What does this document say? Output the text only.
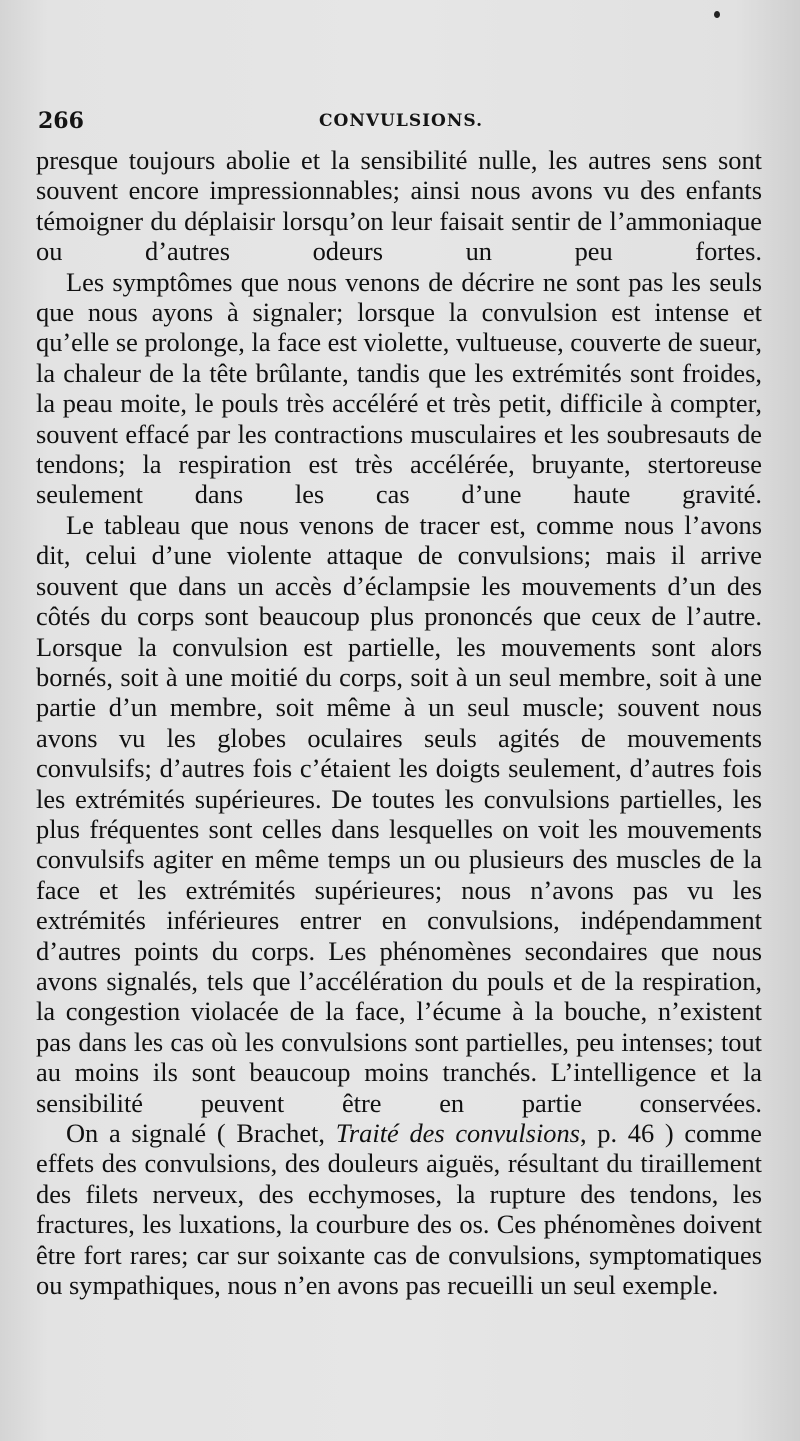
266	CONVULSIONS.

presque toujours abolie et la sensibilité nulle, les autres sens sont souvent encore impressionnables; ainsi nous avons vu des enfants témoigner du déplaisir lorsqu’on leur faisait sentir de l’ammoniaque ou d’autres odeurs un peu fortes.

Les symptômes que nous venons de décrire ne sont pas les seuls que nous ayons à signaler; lorsque la convulsion est intense et qu’elle se prolonge, la face est violette, vultueuse, couverte de sueur, la chaleur de la tête brûlante, tandis que les extrémités sont froides, la peau moite, le pouls très accéléré et très petit, difficile à compter, souvent effacé par les contractions musculaires et les soubresauts de tendons; la respiration est très accélérée, bruyante, stertoreuse seulement dans les cas d’une haute gravité.

Le tableau que nous venons de tracer est, comme nous l’avons dit, celui d’une violente attaque de convulsions; mais il arrive souvent que dans un accès d’éclampsie les mouvements d’un des côtés du corps sont beaucoup plus prononcés que ceux de l’autre. Lorsque la convulsion est partielle, les mouvements sont alors bornés, soit à une moitié du corps, soit à un seul membre, soit à une partie d’un membre, soit même à un seul muscle; souvent nous avons vu les globes oculaires seuls agités de mouvements convulsifs; d’autres fois c’étaient les doigts seulement, d’autres fois les extrémités supérieures. De toutes les convulsions partielles, les plus fréquentes sont celles dans lesquelles on voit les mouvements convulsifs agiter en même temps un ou plusieurs des muscles de la face et les extrémités supérieures; nous n’avons pas vu les extrémités inférieures entrer en convulsions, indépendamment d’autres points du corps. Les phénomènes secondaires que nous avons signalés, tels que l’accélération du pouls et de la respiration, la congestion violacée de la face, l’écume à la bouche, n’existent pas dans les cas où les convulsions sont partielles, peu intenses; tout au moins ils sont beaucoup moins tranchés. L’intelligence et la sensibilité peuvent être en partie conservées.

On a signalé ( Brachet, Traité des convulsions, p. 46 ) comme effets des convulsions, des douleurs aiguës, résultant du tiraillement des filets nerveux, des ecchymoses, la rupture des tendons, les fractures, les luxations, la courbure des os. Ces phénomènes doivent être fort rares; car sur soixante cas de convulsions, symptomatiques ou sympathiques, nous n’en avons pas recueilli un seul exemple.
